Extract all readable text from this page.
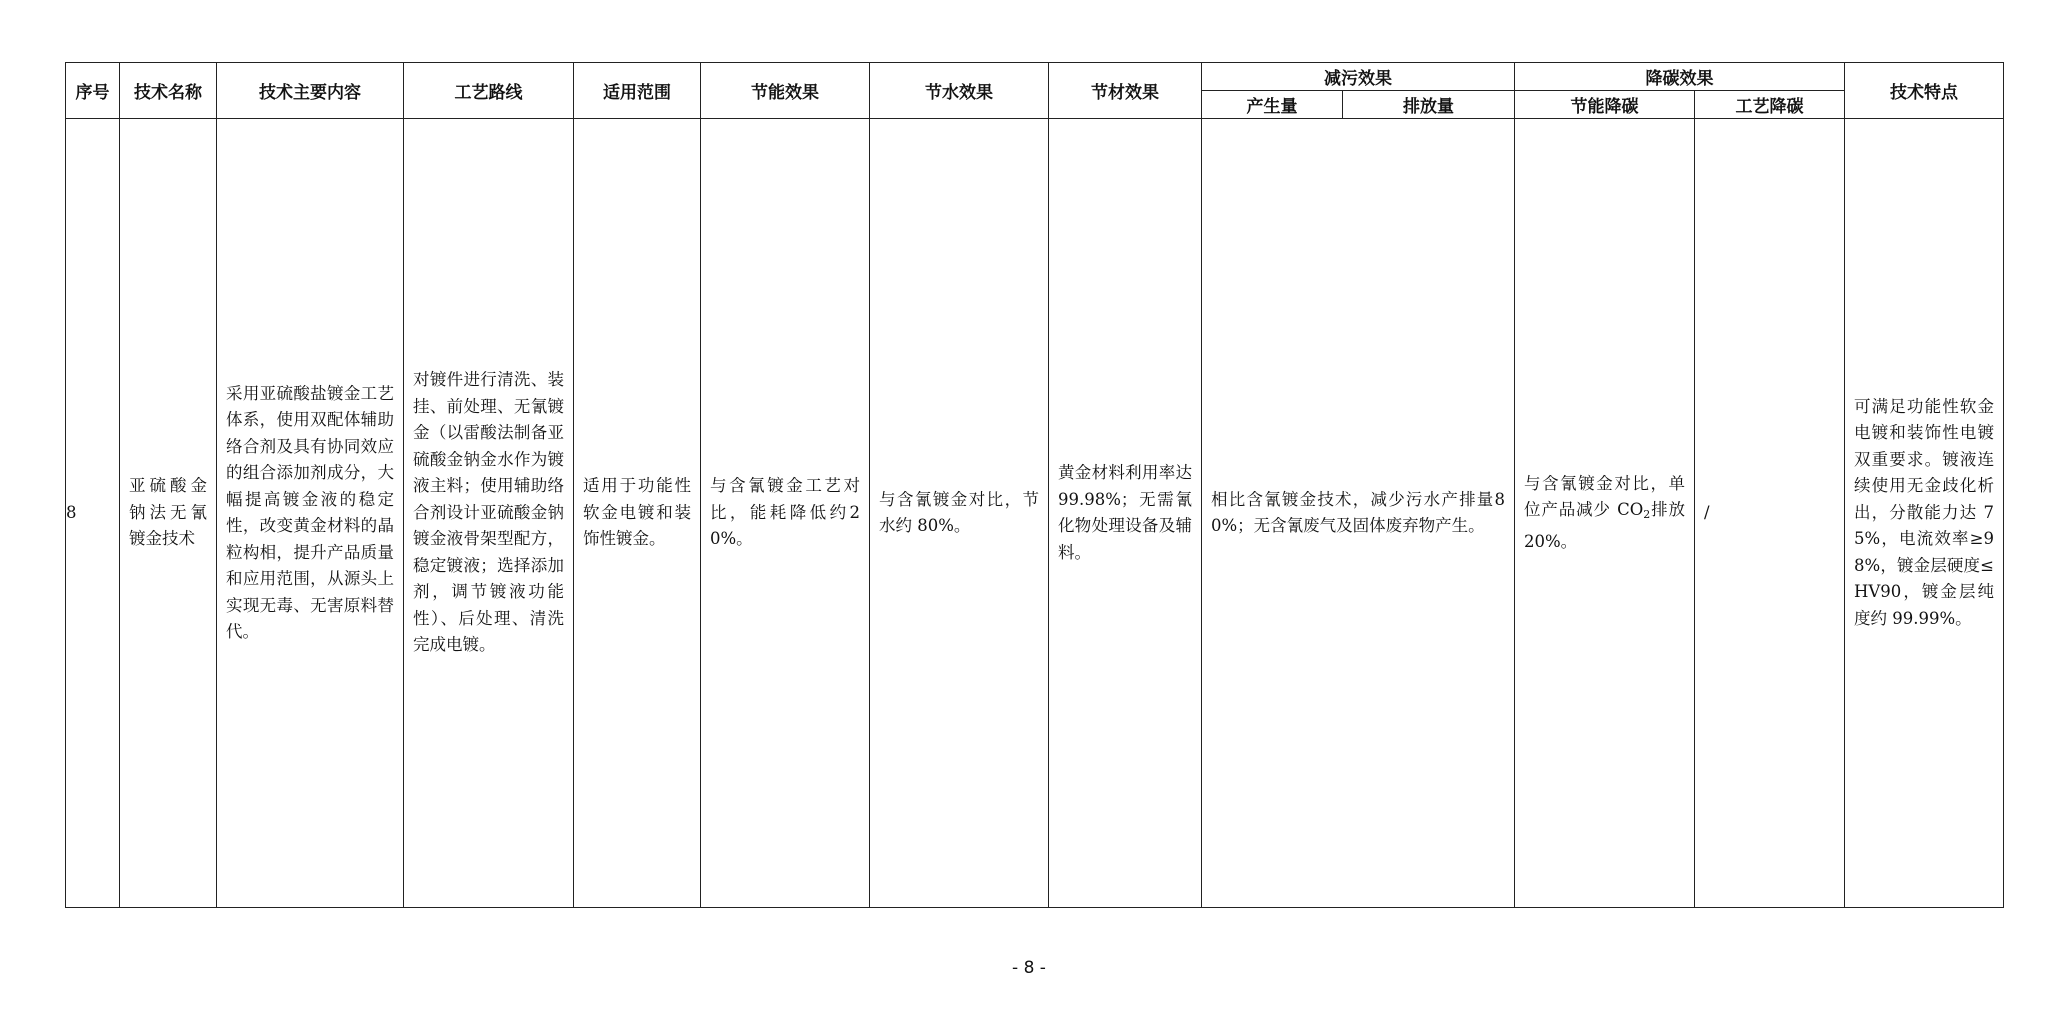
序号	技术名称	技术主要内容	工艺路线	适用范围	节能效果	节水效果	节材效果	减污效果		降碳效果		技术特点
								产生量	排放量	节能降碳	工艺降碳	
8	亚硫酸金钠法无氰镀金技术	采用亚硫酸盐镀金工艺体系，使用双配体辅助络合剂及具有协同效应的组合添加剂成分，大幅提高镀金液的稳定性，改变黄金材料的晶粒构相，提升产品质量和应用范围，从源头上实现无毒、无害原料替代。	对镀件进行清洗、装挂、前处理、无氰镀金（以雷酸法制备亚硫酸金钠金水作为镀液主料；使用辅助络合剂设计亚硫酸金钠镀金液骨架型配方，稳定镀液；选择添加剂，调节镀液功能性）、后处理、清洗完成电镀。	适用于功能性软金电镀和装饰性镀金。	与含氰镀金工艺对比，能耗降低约20%。	与含氰镀金对比，节水约 80%。	黄金材料利用率达 99.98%；无需氰化物处理设备及辅料。	相比含氰镀金技术，减少污水产排量80%；无含氰废气及固体废弃物产生。		与含氰镀金对比，单位产品减少 $CO_2$排放20%。	/	可满足功能性软金电镀和装饰性电镀双重要求。镀液连续使用无金歧化析出，分散能力达 75%，电流效率≥98%，镀金层硬度≤HV90，镀金层纯度约 99.99%。
- 8 -
